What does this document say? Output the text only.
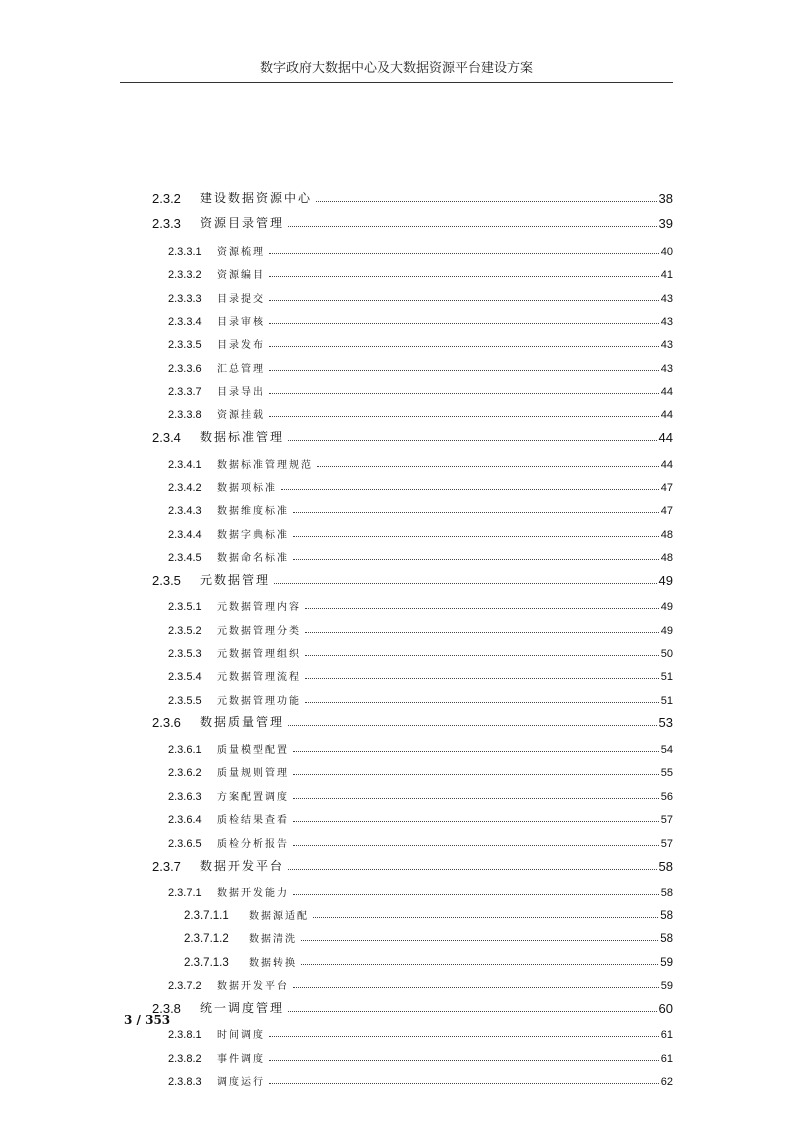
数字政府大数据中心及大数据资源平台建设方案
2.3.2	建设数据资源中心	38
2.3.3	资源目录管理	39
2.3.3.1	资源梳理	40
2.3.3.2	资源编目	41
2.3.3.3	目录提交	43
2.3.3.4	目录审核	43
2.3.3.5	目录发布	43
2.3.3.6	汇总管理	43
2.3.3.7	目录导出	44
2.3.3.8	资源挂载	44
2.3.4	数据标准管理	44
2.3.4.1	数据标准管理规范	44
2.3.4.2	数据项标准	47
2.3.4.3	数据维度标准	47
2.3.4.4	数据字典标准	48
2.3.4.5	数据命名标准	48
2.3.5	元数据管理	49
2.3.5.1	元数据管理内容	49
2.3.5.2	元数据管理分类	49
2.3.5.3	元数据管理组织	50
2.3.5.4	元数据管理流程	51
2.3.5.5	元数据管理功能	51
2.3.6	数据质量管理	53
2.3.6.1	质量模型配置	54
2.3.6.2	质量规则管理	55
2.3.6.3	方案配置调度	56
2.3.6.4	质检结果查看	57
2.3.6.5	质检分析报告	57
2.3.7	数据开发平台	58
2.3.7.1	数据开发能力	58
2.3.7.1.1	数据源适配	58
2.3.7.1.2	数据清洗	58
2.3.7.1.3	数据转换	59
2.3.7.2	数据开发平台	59
2.3.8	统一调度管理	60
2.3.8.1	时间调度	61
2.3.8.2	事件调度	61
2.3.8.3	调度运行	62
3 / 353
